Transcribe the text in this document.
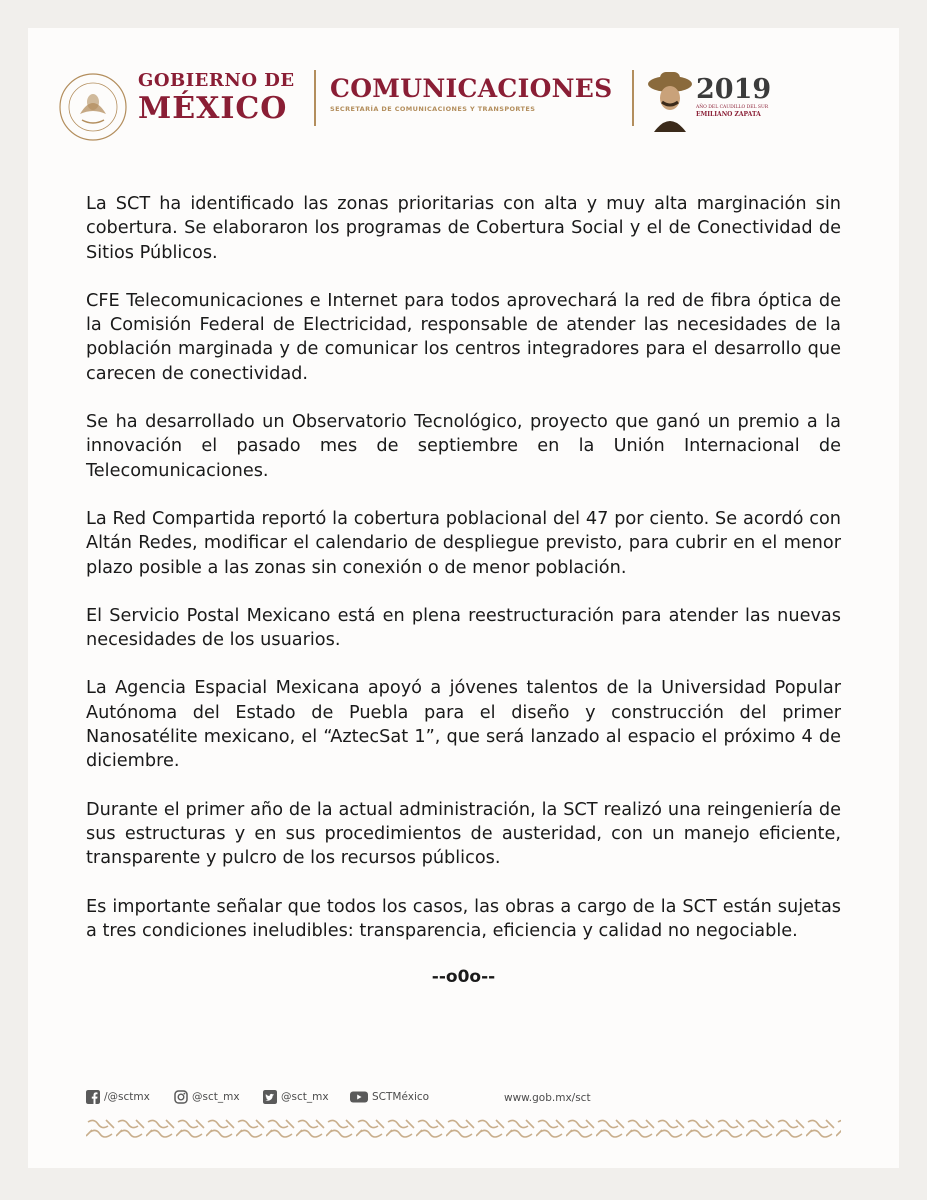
GOBIERNO DE
MÉXICO
COMUNICACIONES
SECRETARÍA DE COMUNICACIONES Y TRANSPORTES
2019
AÑO DEL CAUDILLO DEL SUR
EMILIANO ZAPATA

La SCT ha identificado las zonas prioritarias con alta y muy alta marginación sin cobertura. Se elaboraron los programas de Cobertura Social y el de Conectividad de Sitios Públicos.

CFE Telecomunicaciones e Internet para todos aprovechará la red de fibra óptica de la Comisión Federal de Electricidad, responsable de atender las necesidades de la población marginada y de comunicar los centros integradores para el desarrollo que carecen de conectividad.

Se ha desarrollado un Observatorio Tecnológico, proyecto que ganó un premio a la innovación el pasado mes de septiembre en la Unión Internacional de Telecomunicaciones.

La Red Compartida reportó la cobertura poblacional del 47 por ciento. Se acordó con Altán Redes, modificar el calendario de despliegue previsto, para cubrir en el menor plazo posible a las zonas sin conexión o de menor población.

El Servicio Postal Mexicano está en plena reestructuración para atender las nuevas necesidades de los usuarios.

La Agencia Espacial Mexicana apoyó a jóvenes talentos de la Universidad Popular Autónoma del Estado de Puebla para el diseño y construcción del primer Nanosatélite mexicano, el “AztecSat 1”, que será lanzado al espacio el próximo 4 de diciembre.

Durante el primer año de la actual administración, la SCT realizó una reingeniería de sus estructuras y en sus procedimientos de austeridad, con un manejo eficiente, transparente y pulcro de los recursos públicos.

Es importante señalar que todos los casos, las obras a cargo de la SCT están sujetas a tres condiciones ineludibles: transparencia, eficiencia y calidad no negociable.

--o0o--
/@sctmx	@sct_mx	@sct_mx	SCTMéxico	www.gob.mx/sct
